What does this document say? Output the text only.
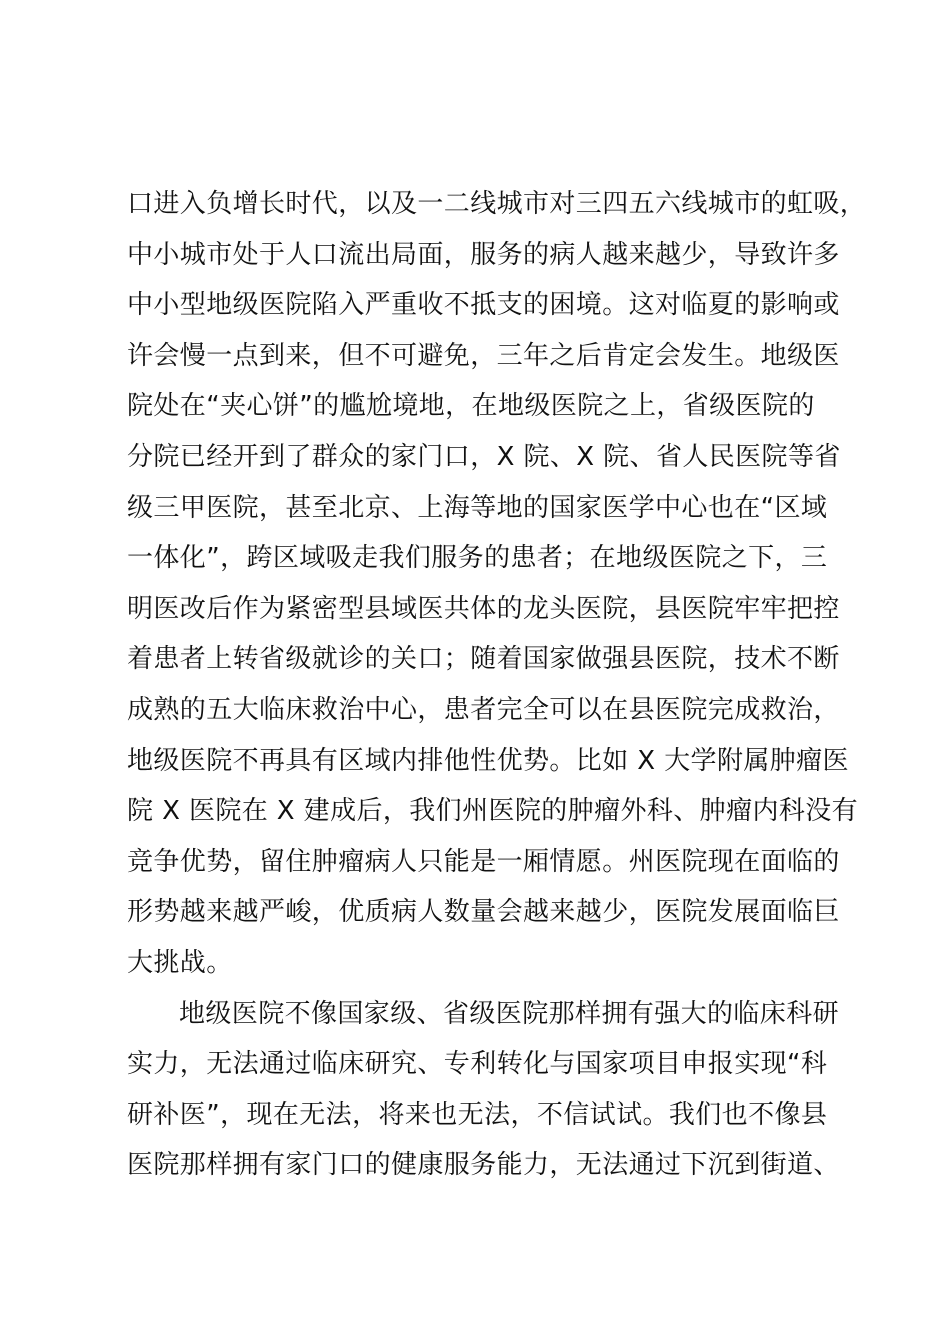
口进入负增长时代，以及一二线城市对三四五六线城市的虹吸，
中小城市处于人口流出局面，服务的病人越来越少，导致许多
中小型地级医院陷入严重收不抵支的困境。这对临夏的影响或
许会慢一点到来，但不可避免，三年之后肯定会发生。地级医
院处在“夹心饼”的尴尬境地，在地级医院之上，省级医院的
分院已经开到了群众的家门口，X 院、X 院、省人民医院等省
级三甲医院，甚至北京、上海等地的国家医学中心也在“区域
一体化”，跨区域吸走我们服务的患者；在地级医院之下，三
明医改后作为紧密型县域医共体的龙头医院，县医院牢牢把控
着患者上转省级就诊的关口；随着国家做强县医院，技术不断
成熟的五大临床救治中心，患者完全可以在县医院完成救治，
地级医院不再具有区域内排他性优势。比如 X 大学附属肿瘤医
院 X 医院在 X 建成后，我们州医院的肿瘤外科、肿瘤内科没有
竞争优势，留住肿瘤病人只能是一厢情愿。州医院现在面临的
形势越来越严峻，优质病人数量会越来越少，医院发展面临巨
大挑战。
地级医院不像国家级、省级医院那样拥有强大的临床科研
实力，无法通过临床研究、专利转化与国家项目申报实现“科
研补医”，现在无法，将来也无法，不信试试。我们也不像县
医院那样拥有家门口的健康服务能力，无法通过下沉到街道、
